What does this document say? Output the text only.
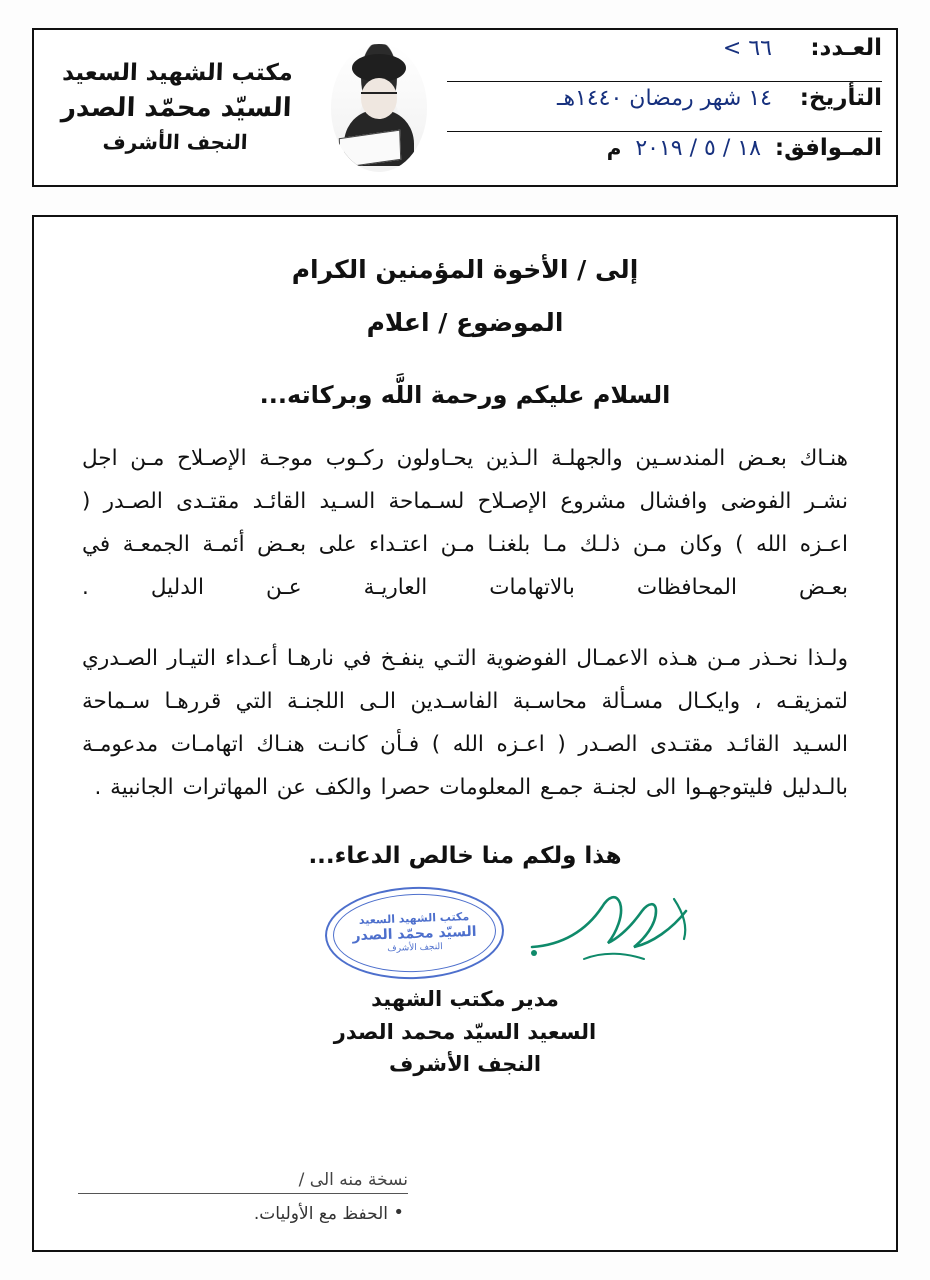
مكتب الشهيد السعيد
السيّد محمّد الصدر
النجف الأشرف
العـدد:
٦٦ >
التأريخ:
١٤ شهر رمضان ١٤٤٠هـ
المـوافق:
١٨ / ٥ / ٢٠١٩
م
إلى / الأخوة المؤمنين الكرام
الموضوع / اعلام
السلام عليكم ورحمة اللَّه وبركاته...

هنـاك بعـض المندسـين والجهلـة الـذين يحـاولون ركـوب موجـة الإصـلاح مـن اجل نشـر الفوضى وافشال مشروع الإصـلاح لسـماحة السـيد القائـد مقتـدى الصـدر ( اعـزه الله ) وكان مـن ذلـك مـا بلغنـا مـن اعتـداء على بعـض أئمـة الجمعـة في بعـض المحافظات بالاتهامات العاريـة عـن الدليل .

ولـذا نحـذر مـن هـذه الاعمـال الفوضوية التـي ينفـخ في نارهـا أعـداء التيـار الصـدري لتمزيقـه ، وايكـال مسـألة محاسـبة الفاسـدين الـى اللجنـة التي قررهـا سـماحة السـيد القائـد مقتـدى الصـدر ( اعـزه الله ) فـأن كانـت هنـاك اتهامـات مدعومـة بالـدليل فليتوجهـوا الى لجنـة جمـع المعلومات حصرا والكف عن المهاترات الجانبية .

هذا ولكم منا خالص الدعاء...
مكتب الشهيد السعيد
السيّد محمّد الصدر
النجف الأشرف
مدير مكتب الشهيد
السعيد السيّد محمد الصدر
النجف الأشرف
نسخة منه الى /
• الحفظ مع الأوليات.
